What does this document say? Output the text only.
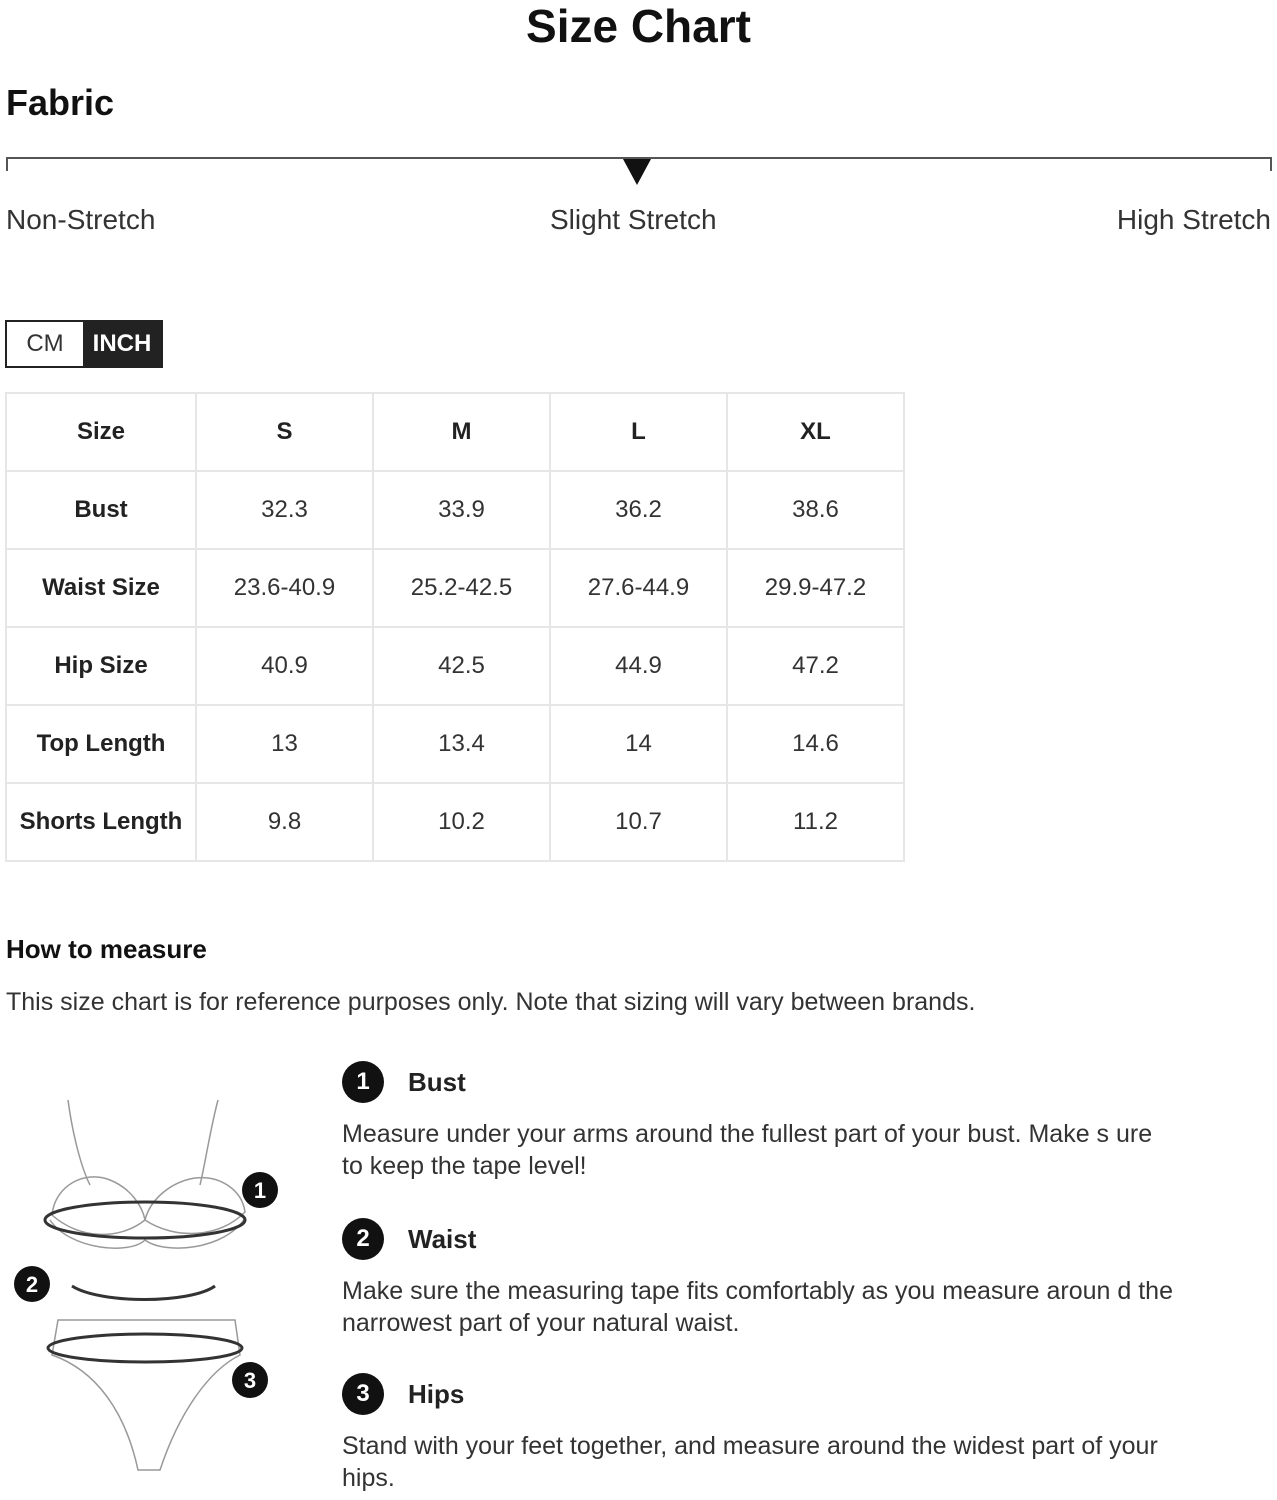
Size Chart
Fabric
Non-Stretch	Slight Stretch	High Stretch
CM	INCH
Size	S	M	L	XL
Bust	32.3	33.9	36.2	38.6
Waist Size	23.6-40.9	25.2-42.5	27.6-44.9	29.9-47.2
Hip Size	40.9	42.5	44.9	47.2
Top Length	13	13.4	14	14.6
Shorts Length	9.8	10.2	10.7	11.2
How to measure
This size chart is for reference purposes only. Note that sizing will vary between brands.
1
2
3
1	Bust
Measure under your arms around the fullest part of your bust. Make s ure to keep the tape level!
2	Waist
Make sure the measuring tape fits comfortably as you measure aroun d the narrowest part of your natural waist.
3	Hips
Stand with your feet together, and measure around the widest part of your hips.
